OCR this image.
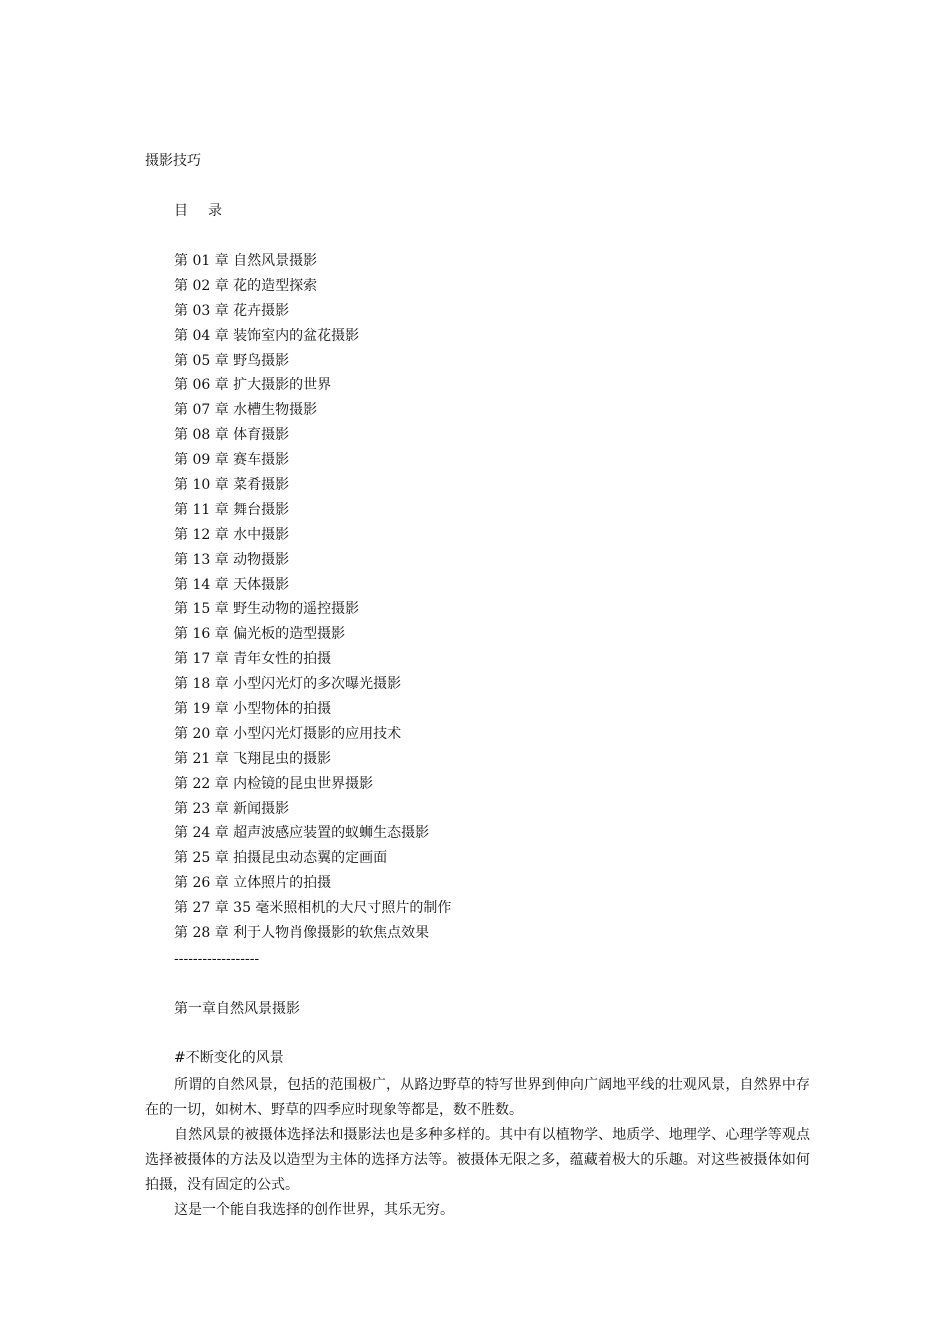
摄影技巧
目 录
第 01 章 自然风景摄影
第 02 章 花的造型探索
第 03 章 花卉摄影
第 04 章 装饰室内的盆花摄影
第 05 章 野鸟摄影
第 06 章 扩大摄影的世界
第 07 章 水槽生物摄影
第 08 章 体育摄影
第 09 章 赛车摄影
第 10 章 菜肴摄影
第 11 章 舞台摄影
第 12 章 水中摄影
第 13 章 动物摄影
第 14 章 天体摄影
第 15 章 野生动物的遥控摄影
第 16 章 偏光板的造型摄影
第 17 章 青年女性的拍摄
第 18 章 小型闪光灯的多次曝光摄影
第 19 章 小型物体的拍摄
第 20 章 小型闪光灯摄影的应用技术
第 21 章 飞翔昆虫的摄影
第 22 章 内检镜的昆虫世界摄影
第 23 章 新闻摄影
第 24 章 超声波感应装置的蚁蛳生态摄影
第 25 章 拍摄昆虫动态翼的定画面
第 26 章 立体照片的拍摄
第 27 章 35 毫米照相机的大尺寸照片的制作
第 28 章 利于人物肖像摄影的软焦点效果
------------------
第一章自然风景摄影
#不断变化的风景

所谓的自然风景，包括的范围极广，从路边野草的特写世界到伸向广阔地平线的壮观风景，自然界中存在的一切，如树木、野草的四季应时现象等都是，数不胜数。

自然风景的被摄体选择法和摄影法也是多种多样的。其中有以植物学、地质学、地理学、心理学等观点选择被摄体的方法及以造型为主体的选择方法等。被摄体无限之多，蕴藏着极大的乐趣。对这些被摄体如何拍摄，没有固定的公式。

这是一个能自我选择的创作世界，其乐无穷。
